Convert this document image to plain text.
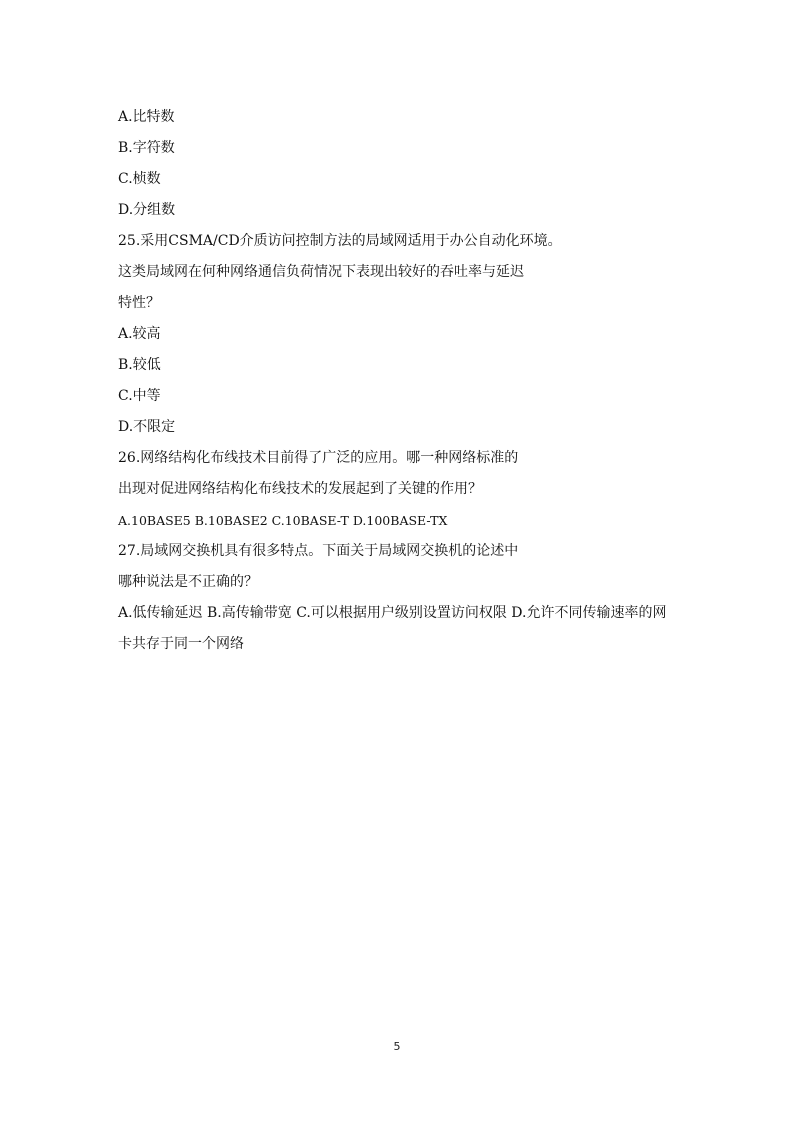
A.比特数
B.字符数
C.桢数
D.分组数
25.采用CSMA/CD介质访问控制方法的局域网适用于办公自动化环境。
这类局域网在何种网络通信负荷情况下表现出较好的吞吐率与延迟
特性？
A.较高
B.较低
C.中等
D.不限定
26.网络结构化布线技术目前得了广泛的应用。哪一种网络标准的
出现对促进网络结构化布线技术的发展起到了关键的作用？
A.10BASE5 B.10BASE2 C.10BASE-T D.100BASE-TX
27.局域网交换机具有很多特点。下面关于局域网交换机的论述中
哪种说法是不正确的？
A.低传输延迟 B.高传输带宽 C.可以根据用户级别设置访问权限 D.允许不同传输速率的网
卡共存于同一个网络
5
